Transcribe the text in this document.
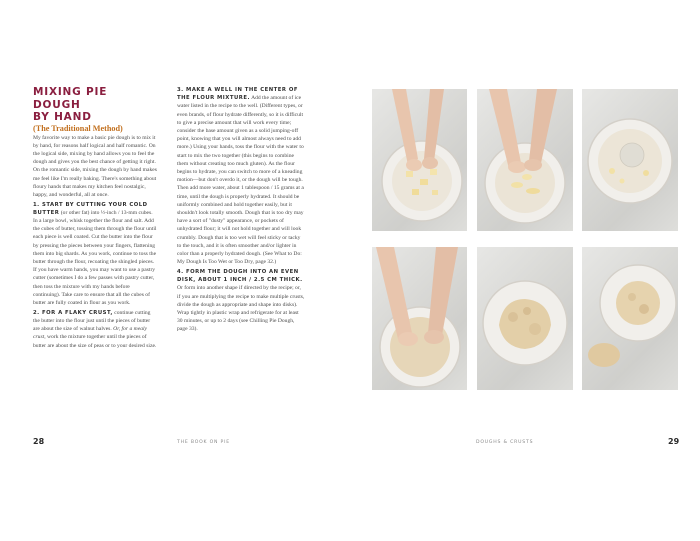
MIXING PIE DOUGH

BY HAND

(The Traditional Method)

My favorite way to make a basic pie dough is to mix it by hand, for reasons half logical and half romantic. On the logical side, mixing by hand allows you to feel the dough and gives you the best chance of getting it right. On the romantic side, mixing the dough by hand makes me feel like I'm really baking. There's something about floury hands that makes my kitchen feel nostalgic, happy, and wonderful, all at once.

1. START BY CUTTING YOUR COLD BUTTER (or other fat) into ½-inch / 13-mm cubes. In a large bowl, whisk together the flour and salt. Add the cubes of butter, tossing them through the flour until each piece is well coated. Cut the butter into the flour by pressing the pieces between your fingers, flattening them into big shards. As you work, continue to toss the butter through the flour, recoating the shingled pieces. If you have warm hands, you may want to use a pastry cutter (sometimes I do a few passes with pastry cutter, then toss the mixture with my hands before continuing). Take care to ensure that all the cubes of butter are fully coated in flour as you work.

2. FOR A FLAKY CRUST, continue cutting the butter into the flour just until the pieces of butter are about the size of walnut halves. Or, for a mealy crust, work the mixture together until the pieces of butter are about the size of peas or to your desired size.

3. MAKE A WELL IN THE CENTER OF THE FLOUR MIXTURE. Add the amount of ice water listed in the recipe to the well. (Different types, or even brands, of flour hydrate differently, so it is difficult to give a precise amount that will work every time; consider the base amount given as a solid jumping-off point, knowing that you will almost always need to add more.) Using your hands, toss the flour with the water to start to mix the two together (this begins to combine them without creating too much gluten). As the flour begins to hydrate, you can switch to more of a kneading motion—but don't overdo it, or the dough will be tough. Then add more water, about 1 tablespoon / 15 grams at a time, until the dough is properly hydrated. It should be uniformly combined and hold together easily, but it shouldn't look totally smooth. Dough that is too dry may have a sort of "dusty" appearance, or pockets of unhydrated flour; it will not hold together and will look crumbly. Dough that is too wet will feel sticky or tacky to the touch, and it is often smoother and/or lighter in color than a properly hydrated dough. (See What to Do: My Dough Is Too Wet or Too Dry, page 32.)

4. FORM THE DOUGH INTO AN EVEN DISK, ABOUT 1 INCH / 2.5 CM THICK. Or form into another shape if directed by the recipe; or, if you are multiplying the recipe to make multiple crusts, divide the dough as appropriate and shape into disks). Wrap tightly in plastic wrap and refrigerate for at least 30 minutes, or up to 2 days (see Chilling Pie Dough, page 33).

28	THE BOOK ON PIE	DOUGHS & CRUSTS	29
